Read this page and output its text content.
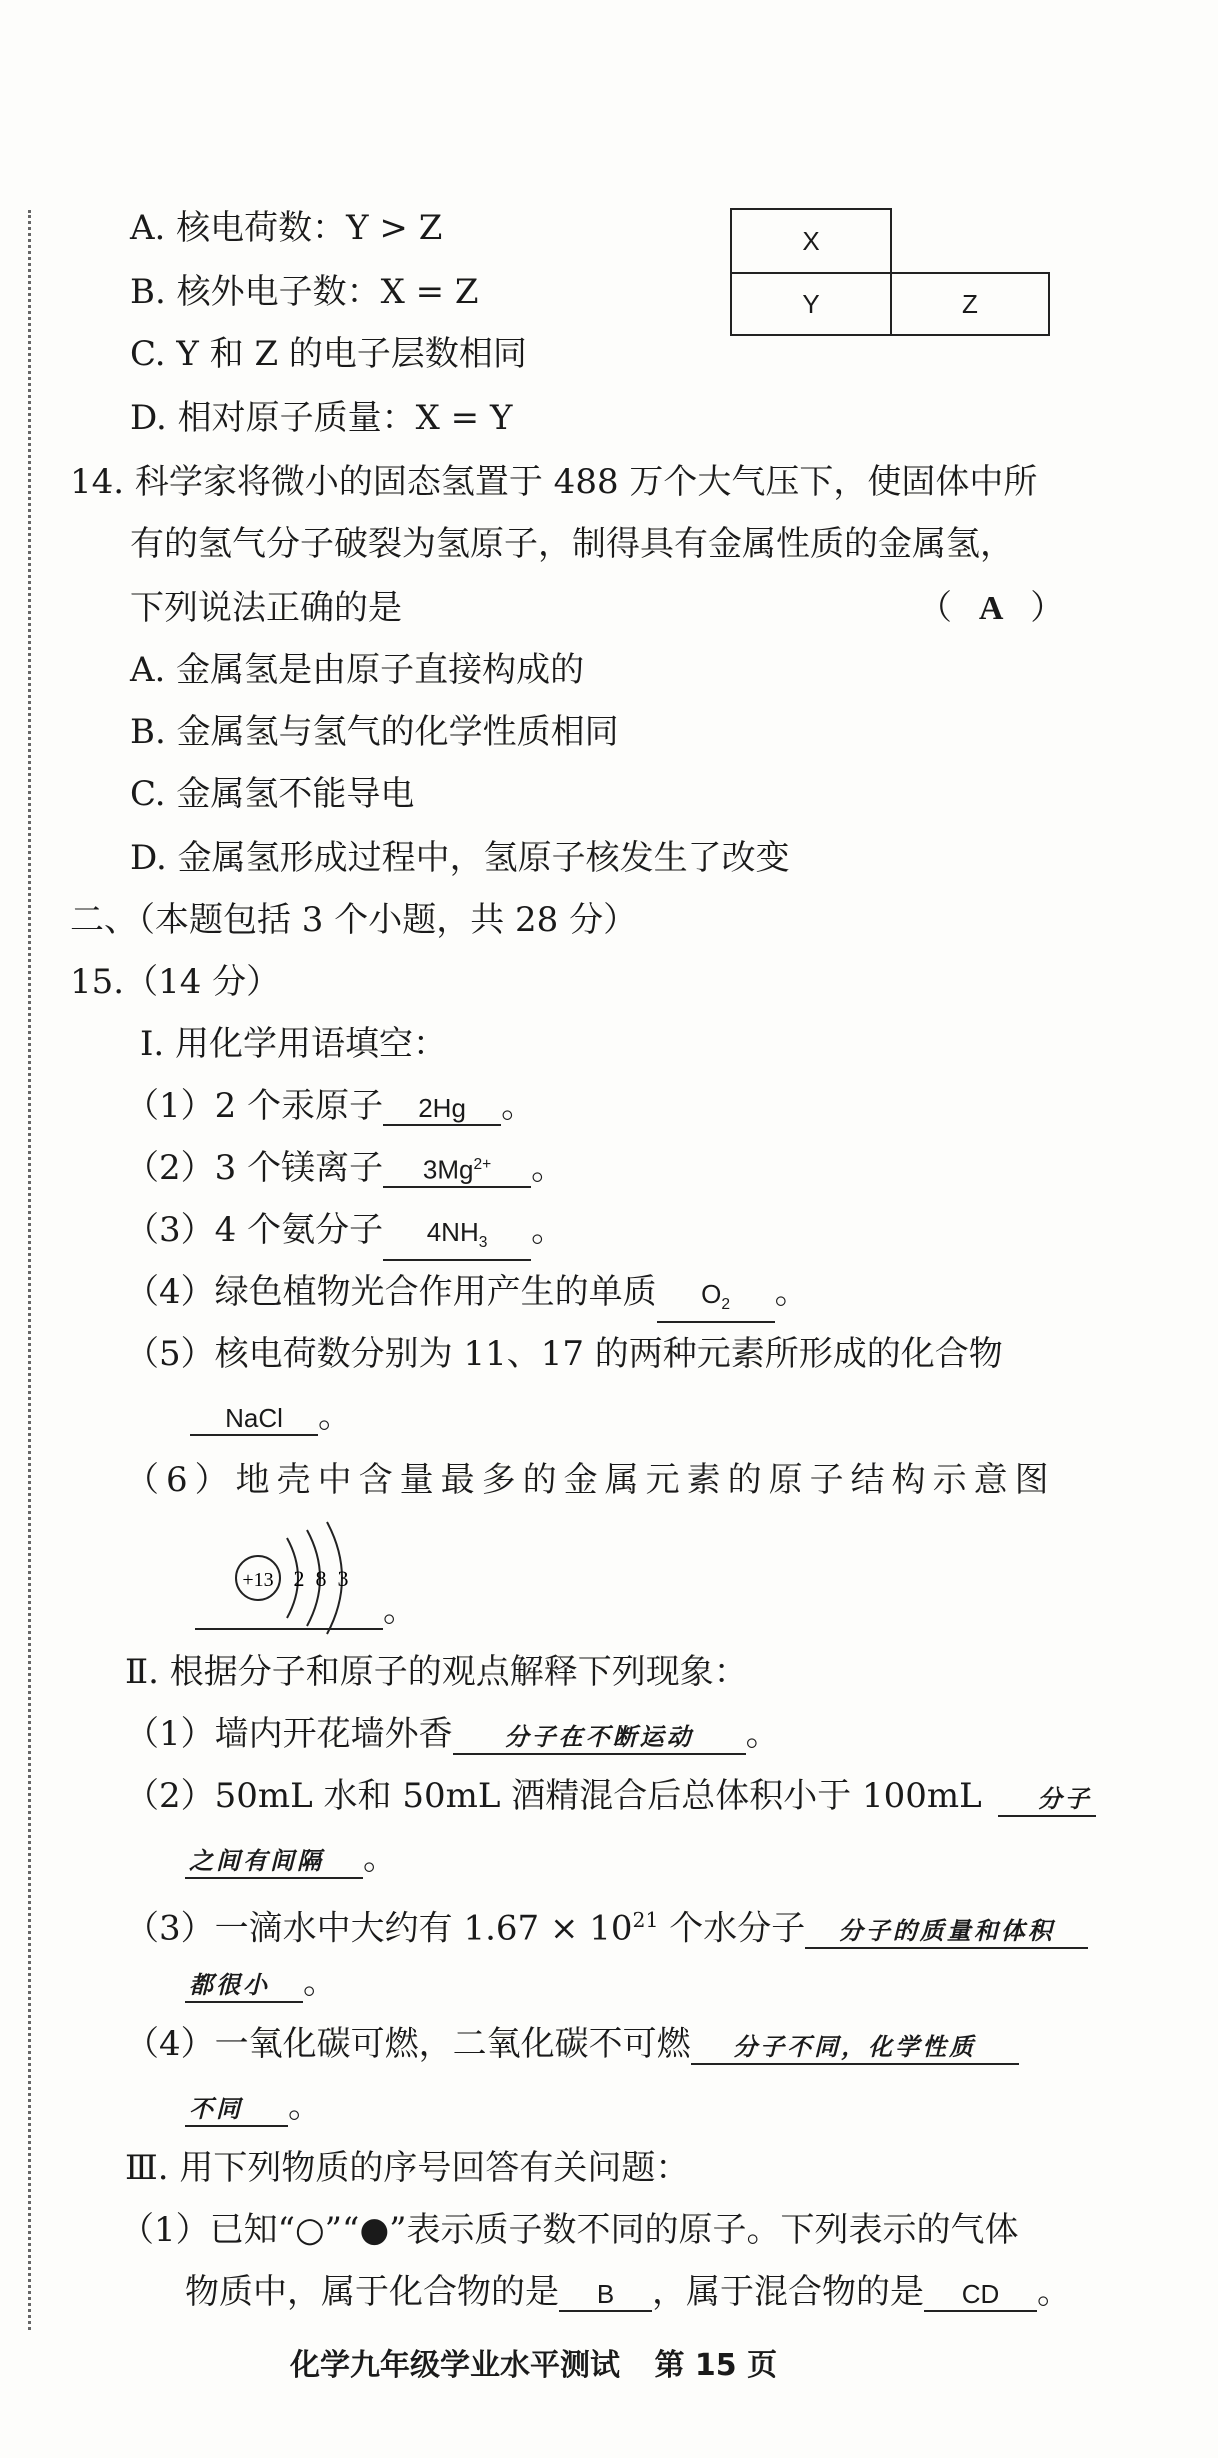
A. 核电荷数：Y > Z
B. 核外电子数：X = Z
C. Y 和 Z 的电子层数相同
D. 相对原子质量：X = Y
X
Y	Z
14. 科学家将微小的固态氢置于 488 万个大气压下，使固体中所
有的氢气分子破裂为氢原子，制得具有金属性质的金属氢，
下列说法正确的是	（ A ）
A. 金属氢是由原子直接构成的
B. 金属氢与氢气的化学性质相同
C. 金属氢不能导电
D. 金属氢形成过程中，氢原子核发生了改变
二、（本题包括 3 个小题，共 28 分）
15.（14 分）
Ⅰ. 用化学用语填空：
（1）2 个汞原子 2Hg 。
（2）3 个镁离子 $3Mg^{2+}$ 。
（3）4 个氨分子 $4NH_3$ 。
（4）绿色植物光合作用产生的单质 $O_2$ 。
（5）核电荷数分别为 11、17 的两种元素所形成的化合物
NaCl 。
（6）地壳中含量最多的金属元素的原子结构示意图
+13 2 8 3
。
Ⅱ. 根据分子和原子的观点解释下列现象：
（1）墙内开花墙外香 分子在不断运动 。
（2）50mL 水和 50mL 酒精混合后总体积小于 100mL 分子
之间有间隔 。
（3）一滴水中大约有 $1.67 \times 10^{21}$ 个水分子 分子的质量和体积
都很小 。
（4）一氧化碳可燃，二氧化碳不可燃 分子不同，化学性质
不同 。
Ⅲ. 用下列物质的序号回答有关问题：
（1）已知“○”“●”表示质子数不同的原子。下列表示的气体
物质中，属于化合物的是 B ，属于混合物的是 CD 。
化学九年级学业水平测试 第 15 页
